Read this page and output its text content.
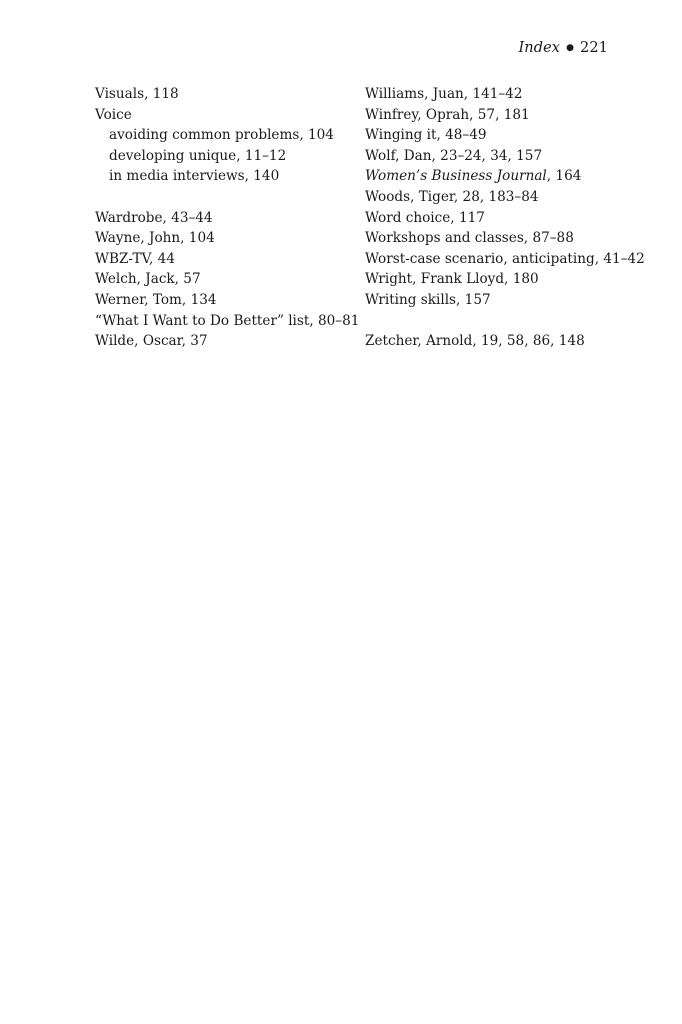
Index ● 221
Visuals, 118
Voice
avoiding common problems, 104
developing unique, 11–12
in media interviews, 140
Wardrobe, 43–44
Wayne, John, 104
WBZ-TV, 44
Welch, Jack, 57
Werner, Tom, 134
“What I Want to Do Better” list, 80–81
Wilde, Oscar, 37
Williams, Juan, 141–42
Winfrey, Oprah, 57, 181
Winging it, 48–49
Wolf, Dan, 23–24, 34, 157
Women’s Business Journal, 164
Woods, Tiger, 28, 183–84
Word choice, 117
Workshops and classes, 87–88
Worst-case scenario, anticipating, 41–42
Wright, Frank Lloyd, 180
Writing skills, 157
Zetcher, Arnold, 19, 58, 86, 148
